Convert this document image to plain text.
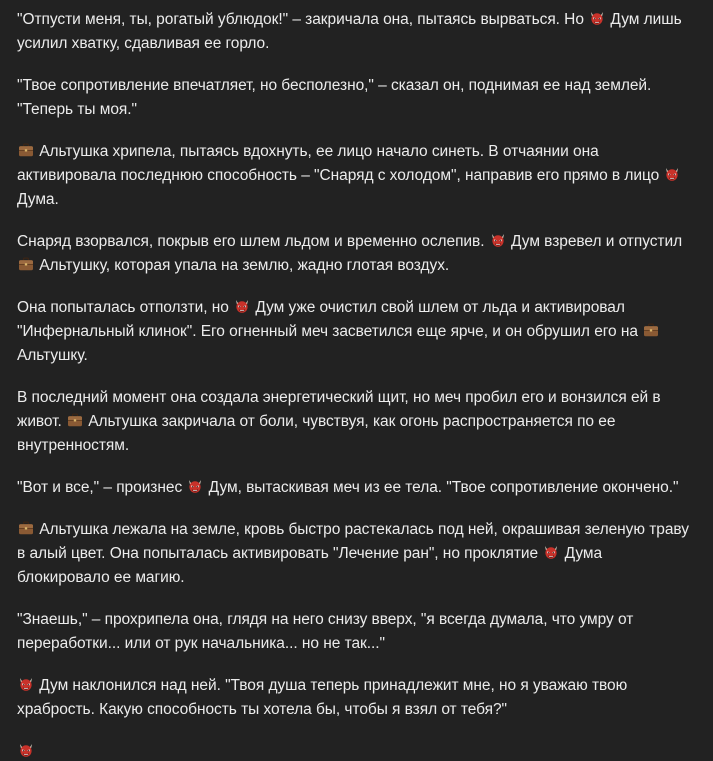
"Отпусти меня, ты, рогатый ублюдок!" – закричала она, пытаясь вырваться. Но
Дум лишь усилил хватку, сдавливая ее горло.

"Твое сопротивление впечатляет, но бесполезно," – сказал он, поднимая ее над землей. "Теперь ты моя."

Альтушка хрипела, пытаясь вдохнуть, ее лицо начало синеть. В отчаянии она активировала последнюю способность – "Снаряд с холодом", направив его прямо в лицо
Дума.

Снаряд взорвался, покрыв его шлем льдом и временно ослепив.
Дум взревел и отпустил
Альтушку, которая упала на землю, жадно глотая воздух.

Она попыталась отползти, но
Дум уже очистил свой шлем от льда и активировал "Инфернальный клинок". Его огненный меч засветился еще ярче, и он обрушил его на
Альтушку.

В последний момент она создала энергетический щит, но меч пробил его и вонзился ей в живот.
Альтушка закричала от боли, чувствуя, как огонь распространяется по ее внутренностям.

"Вот и все," – произнес
Дум, вытаскивая меч из ее тела. "Твое сопротивление окончено."

Альтушка лежала на земле, кровь быстро растекалась под ней, окрашивая зеленую траву в алый цвет. Она попыталась активировать "Лечение ран", но проклятие
Дума блокировало ее магию.

"Знаешь," – прохрипела она, глядя на него снизу вверх, "я всегда думала, что умру от переработки... или от рук начальника... но не так..."

Дум наклонился над ней. "Твоя душа теперь принадлежит мне, но я уважаю твою храбрость. Какую способность ты хотела бы, чтобы я взял от тебя?"
